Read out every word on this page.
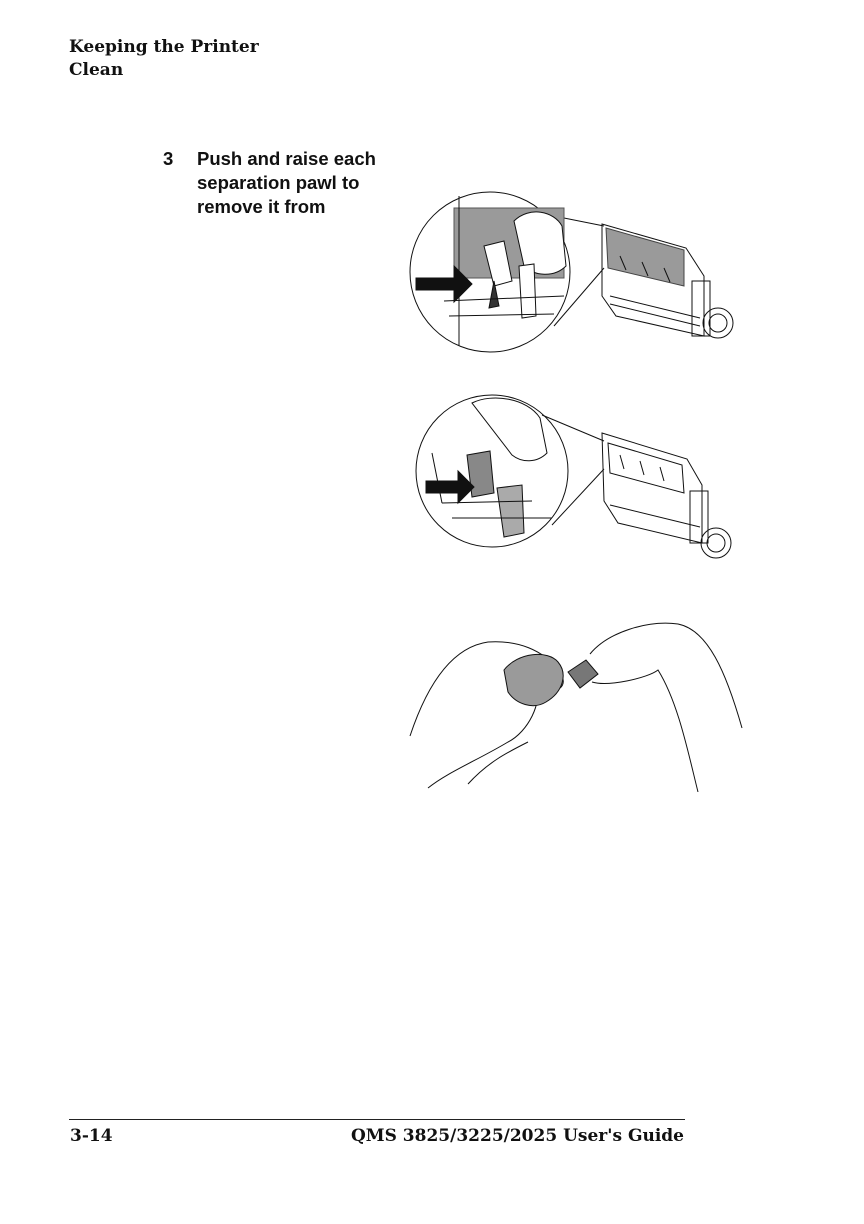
Keeping the Printer
Clean
3 Push and raise each separation pawl to remove it from
3-14	QMS 3825/3225/2025 User's Guide
